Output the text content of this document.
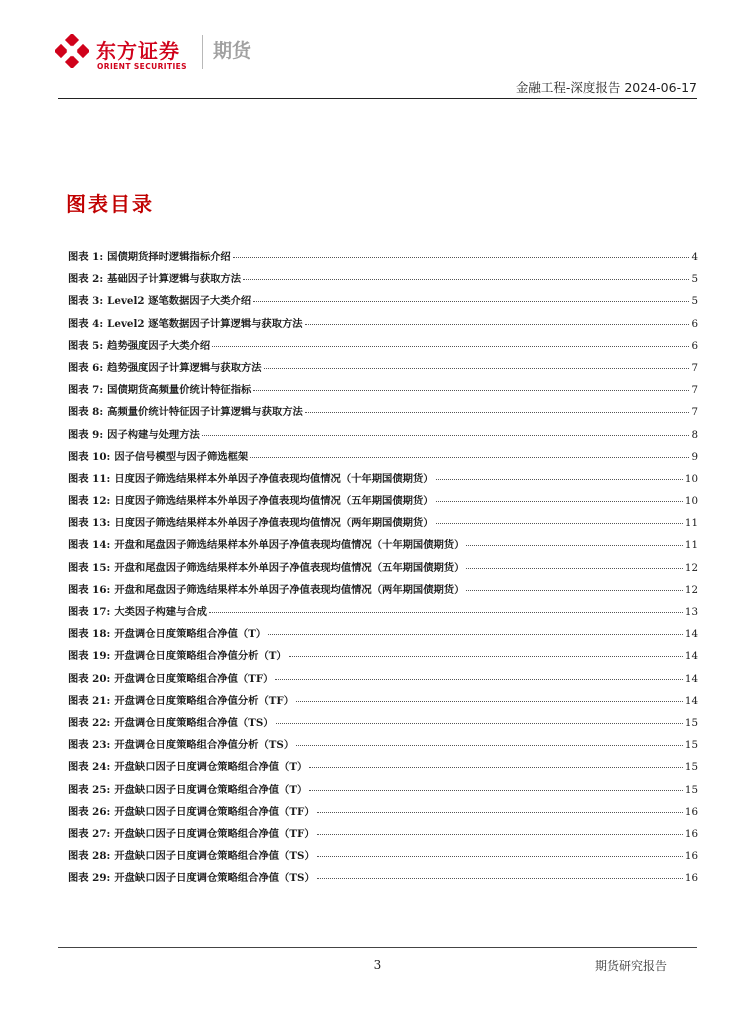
东方证券
ORIENT SECURITIES
期货
金融工程-深度报告 2024-06-17
图表目录
图表 1: 国债期货择时逻辑指标介绍	4
图表 2: 基础因子计算逻辑与获取方法	5
图表 3: Level2 逐笔数据因子大类介绍	5
图表 4: Level2 逐笔数据因子计算逻辑与获取方法	6
图表 5: 趋势强度因子大类介绍	6
图表 6: 趋势强度因子计算逻辑与获取方法	7
图表 7: 国债期货高频量价统计特征指标	7
图表 8: 高频量价统计特征因子计算逻辑与获取方法	7
图表 9: 因子构建与处理方法	8
图表 10: 因子信号模型与因子筛选框架	9
图表 11: 日度因子筛选结果样本外单因子净值表现均值情况（十年期国债期货）	10
图表 12: 日度因子筛选结果样本外单因子净值表现均值情况（五年期国债期货）	10
图表 13: 日度因子筛选结果样本外单因子净值表现均值情况（两年期国债期货）	11
图表 14: 开盘和尾盘因子筛选结果样本外单因子净值表现均值情况（十年期国债期货）	11
图表 15: 开盘和尾盘因子筛选结果样本外单因子净值表现均值情况（五年期国债期货）	12
图表 16: 开盘和尾盘因子筛选结果样本外单因子净值表现均值情况（两年期国债期货）	12
图表 17: 大类因子构建与合成	13
图表 18: 开盘调仓日度策略组合净值（T）	14
图表 19: 开盘调仓日度策略组合净值分析（T）	14
图表 20: 开盘调仓日度策略组合净值（TF）	14
图表 21: 开盘调仓日度策略组合净值分析（TF）	14
图表 22: 开盘调仓日度策略组合净值（TS）	15
图表 23: 开盘调仓日度策略组合净值分析（TS）	15
图表 24: 开盘缺口因子日度调仓策略组合净值（T）	15
图表 25: 开盘缺口因子日度调仓策略组合净值（T）	15
图表 26: 开盘缺口因子日度调仓策略组合净值（TF）	16
图表 27: 开盘缺口因子日度调仓策略组合净值（TF）	16
图表 28: 开盘缺口因子日度调仓策略组合净值（TS）	16
图表 29: 开盘缺口因子日度调仓策略组合净值（TS）	16
3	期货研究报告
